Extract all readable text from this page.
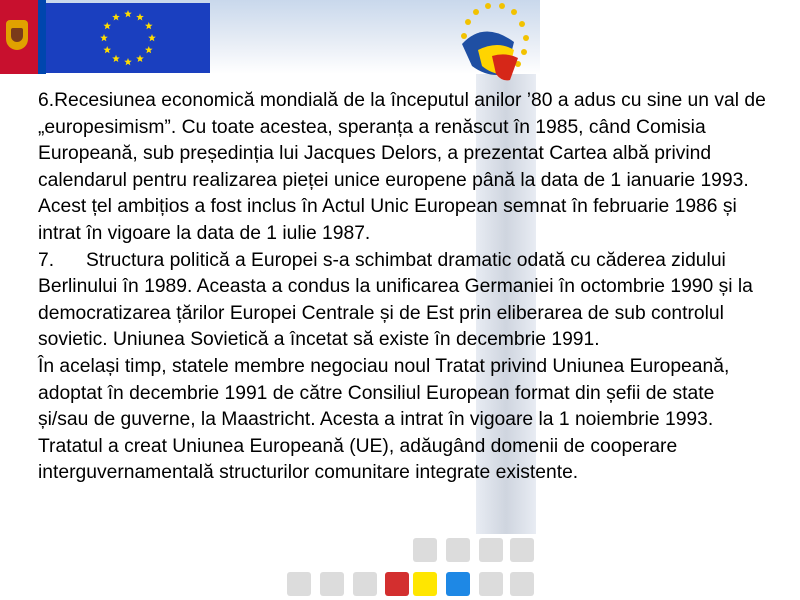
6.Recesiunea economică mondială de la începutul anilor ’80 a adus cu sine un val de „europesimism”. Cu toate acestea, speranța a renăscut în 1985, când Comisia Europeană, sub președinția lui Jacques Delors, a prezentat Cartea albă privind calendarul pentru realizarea pieței unice europene până la data de 1 ianuarie 1993. Acest țel ambițios a fost inclus în Actul Unic European semnat în februarie 1986 și intrat în vigoare la data de 1 iulie 1987.

7. Structura politică a Europei s-a schimbat dramatic odată cu căderea zidului Berlinului în 1989. Aceasta a condus la unificarea Germaniei în octombrie 1990 și la democratizarea țărilor Europei Centrale și de Est prin eliberarea de sub controlul sovietic. Uniunea Sovietică a încetat să existe în decembrie 1991.

În același timp, statele membre negociau noul Tratat privind Uniunea Europeană, adoptat în decembrie 1991 de către Consiliul European format din șefii de state și/sau de guverne, la Maastricht. Acesta a intrat în vigoare la 1 noiembrie 1993. Tratatul a creat Uniunea Europeană (UE), adăugând domenii de cooperare interguvernamentală structurilor comunitare integrate existente.
